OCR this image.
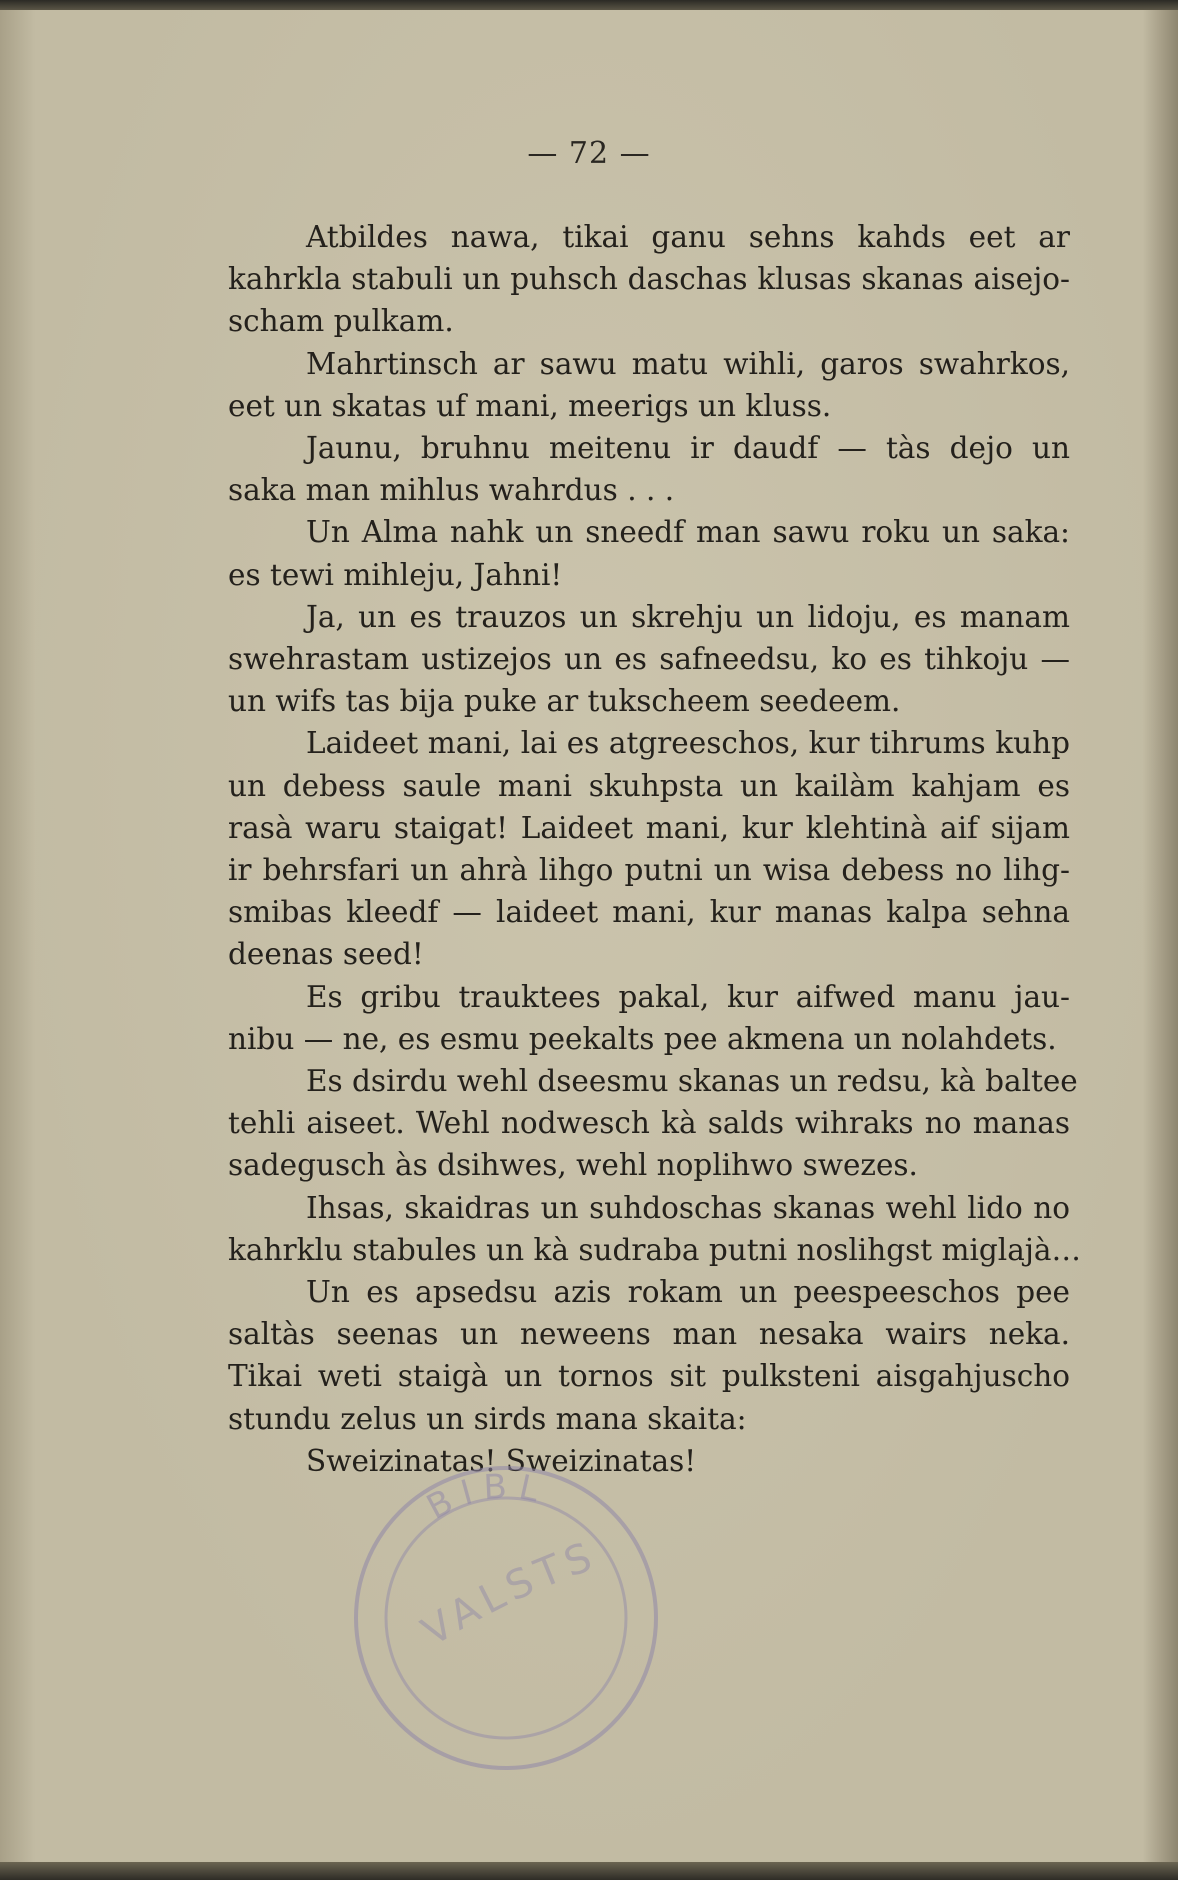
— 72 —
Atbildes nawa, tikai ganu sehns kahds eet ar
kahrkla stabuli un puhsch daschas klusas skanas aisejo-
scham pulkam.
Mahrtinsch ar sawu matu wihli, garos swahrkos,
eet un skatas uf mani, meerigs un kluss.
Jaunu, bruhnu meitenu ir daudf — tàs dejo un
saka man mihlus wahrdus . . .
Un Alma nahk un sneedf man sawu roku un saka:
es tewi mihleju, Jahni!
Ja, un es trauzos un skrehju un lidoju, es manam
swehrastam ustizejos un es safneedsu, ko es tihkoju —
un wifs tas bija puke ar tukscheem seedeem.
Laideet mani, lai es atgreeschos, kur tihrums kuhp
un debess saule mani skuhpsta un kailàm kahjam es
rasà waru staigat! Laideet mani, kur klehtinà aif sijam
ir behrsfari un ahrà lihgo putni un wisa debess no lihg-
smibas kleedf — laideet mani, kur manas kalpa sehna
deenas seed!
Es gribu traukteeѕ pakal, kur aifwed manu jau-
nibu — ne, es esmu peekalts pee akmena un nolahdets.
Es dsirdu wehl dseesmu skanas un redsu, kà baltee
tehli aiseet. Wehl nodwesch kà salds wihraks no manas
sadegusch às dsihwes, wehl noplihwo swezes.
Ihsas, skaidras un suhdoschas skanas wehl lido no
kahrklu stabules un kà sudraba putni noslihgst miglajà…
Un es apsedsu azis rokam un peespeeschos pee
saltàs seenas un neweens man nesaka wairs neka.
Tikai weti staigà un tornos sit pulksteni aisgahjuscho
stundu zelus un sirds mana skaita:
Sweizinatas! Sweizinatas!
BIBL
VALSTS
